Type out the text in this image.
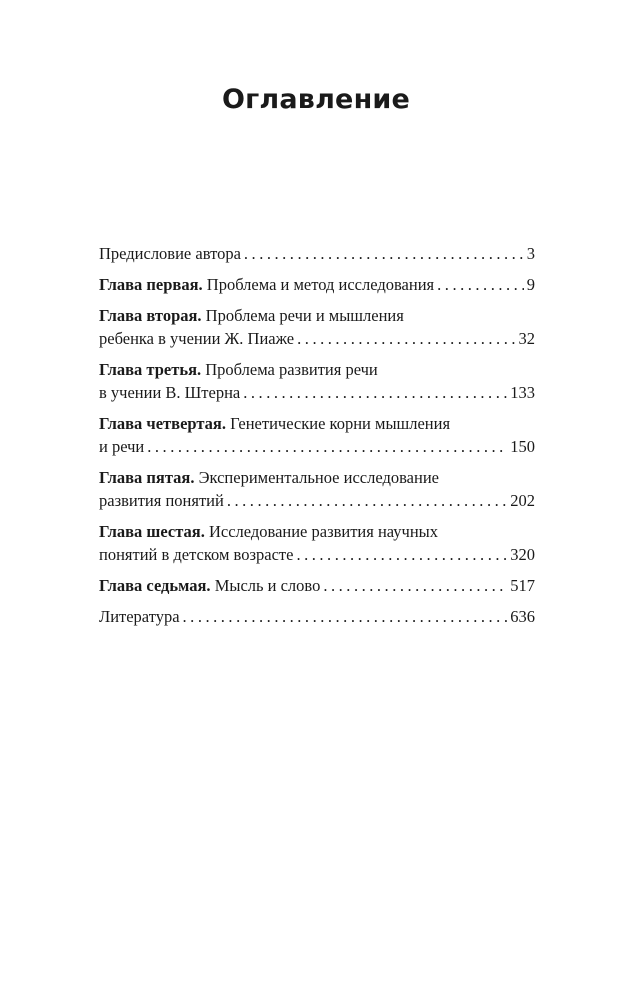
Оглавление
Предисловие автора . . .	3
Глава первая.
Проблема и метод исследования . . .	9
Глава вторая. Проблема речи и мышления
ребенка в учении Ж. Пиаже . . .	32
Глава третья. Проблема развития речи
в учении В. Штерна . . .	133
Глава четвертая. Генетические корни мышления
и речи . . .	150
Глава пятая. Экспериментальное исследование
развития понятий . . .	202
Глава шестая. Исследование развития научных
понятий в детском возрасте . . .	320
Глава седьмая.
Мысль и слово . . .	517
Литература . . .	636
